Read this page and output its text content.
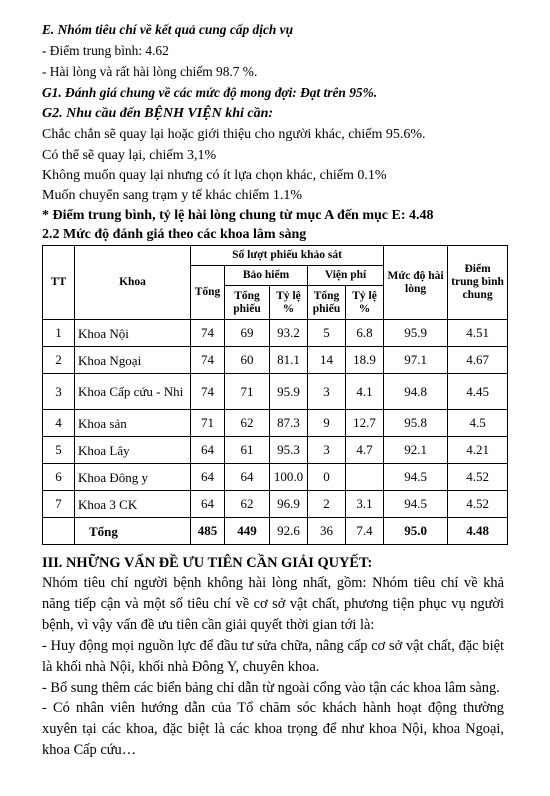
E. Nhóm tiêu chí về kết quả cung cấp dịch vụ
- Điểm trung bình: 4.62
- Hài lòng và rất hài lòng chiếm 98.7 %.
G1. Đánh giá chung về các mức độ mong đợi: Đạt trên 95%.
G2. Nhu cầu đến BỆNH VIỆN khi cần:
Chắc chắn sẽ quay lại hoặc giới thiệu cho người khác, chiếm 95.6%.
Có thể sẽ quay lại, chiếm 3,1%
Không muốn quay lại nhưng có ít lựa chọn khác, chiếm 0.1%
Muốn chuyển sang trạm y tế khác chiếm 1.1%
* Điểm trung bình, tỷ lệ hài lòng chung từ mục A đến mục E: 4.48
2.2 Mức độ đánh giá theo các khoa lâm sàng
TT	Khoa	Số lượt phiếu khảo sát					Mức độ hài lòng	Điểm trung bình chung
		Tổng	Bảo hiểm		Viện phí			
			Tổng phiếu	Tỷ lệ %	Tổng phiếu	Tỷ lệ %		
1	Khoa Nội	74	69	93.2	5	6.8	95.9	4.51
2	Khoa Ngoại	74	60	81.1	14	18.9	97.1	4.67
3	Khoa Cấp cứu - Nhi	74	71	95.9	3	4.1	94.8	4.45
4	Khoa sản	71	62	87.3	9	12.7	95.8	4.5
5	Khoa Lây	64	61	95.3	3	4.7	92.1	4.21
6	Khoa Đông y	64	64	100.0	0		94.5	4.52
7	Khoa 3 CK	64	62	96.9	2	3.1	94.5	4.52
	Tổng	485	449	92.6	36	7.4	95.0	4.48
III. NHỮNG VẤN ĐỀ ƯU TIÊN CẦN GIẢI QUYẾT:

Nhóm tiêu chí người bệnh không hài lòng nhất, gồm: Nhóm tiêu chí về khả năng tiếp cận và một số tiêu chí về cơ sở vật chất, phương tiện phục vụ người bệnh, vì vậy vấn đề ưu tiên cần giải quyết thời gian tới là:

- Huy động mọi nguồn lực để đầu tư sửa chữa, nâng cấp cơ sở vật chất, đặc biệt là khối nhà Nội, khối nhà Đông Y, chuyên khoa.

- Bổ sung thêm các biển bảng chỉ dẫn từ ngoài cổng vào tận các khoa lâm sàng.

- Có nhân viên hướng dẫn của Tổ chăm sóc khách hành hoạt động thường xuyên tại các khoa, đặc biệt là các khoa trọng để như khoa Nội, khoa Ngoại, khoa Cấp cứu…
